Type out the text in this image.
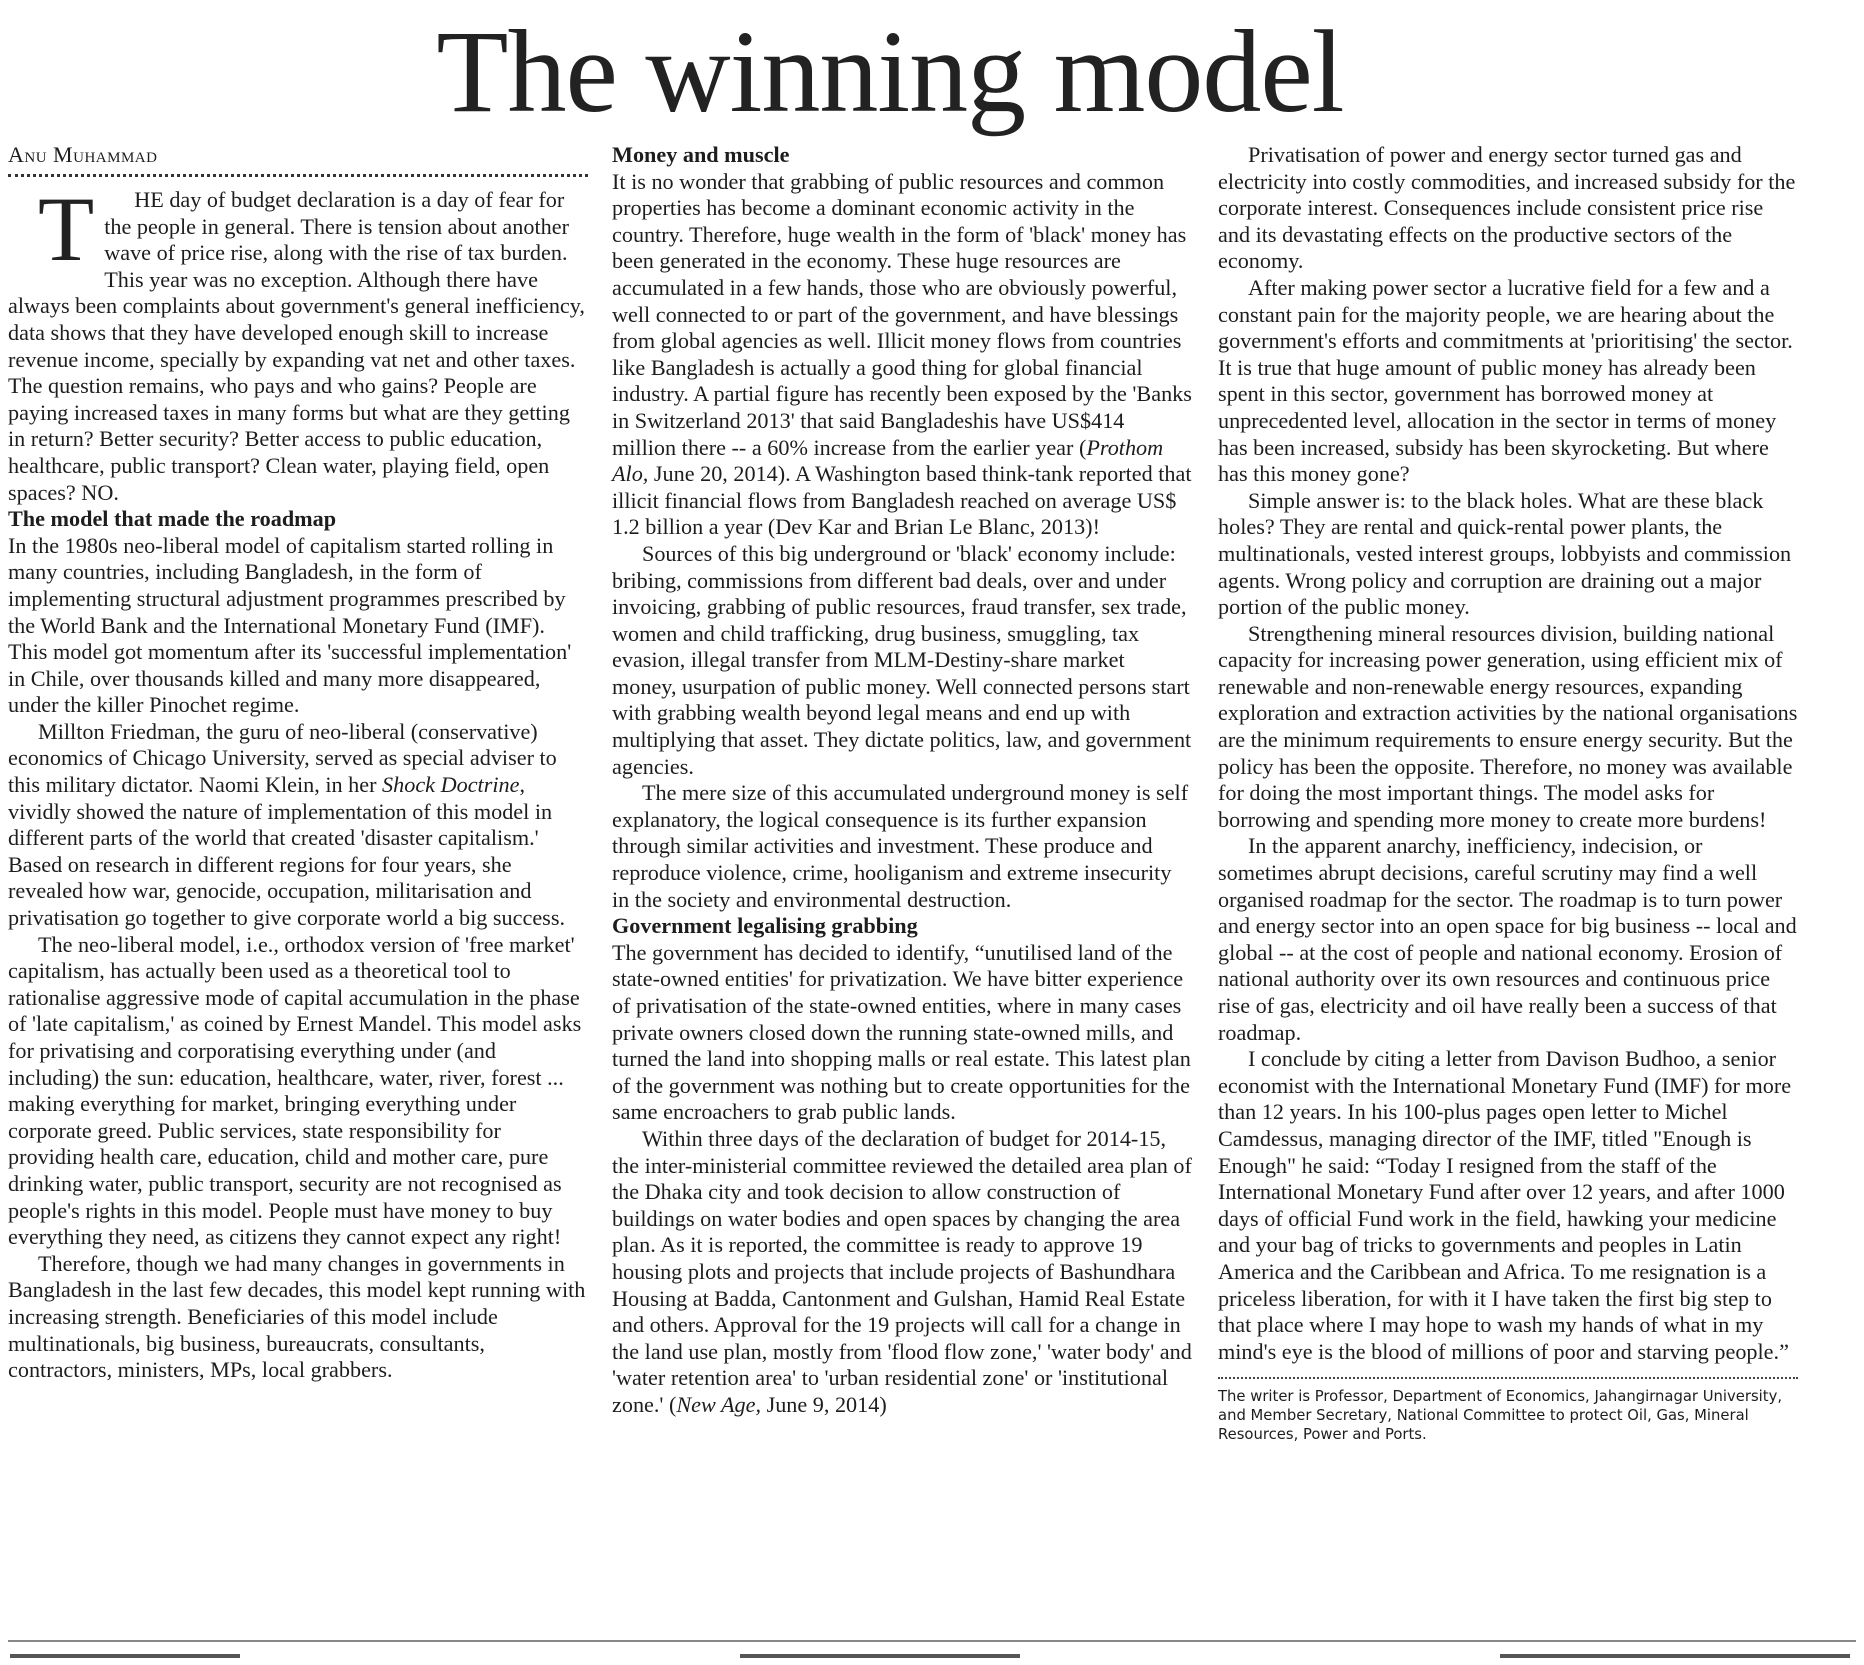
The winning model
Anu Muhammad

T HE day of budget declaration is a day of fear for the people in general. There is tension about another wave of price rise, along with the rise of tax burden. This year was no exception. Although there have always been complaints about government's general inefficiency, data shows that they have developed enough skill to increase revenue income, specially by expanding vat net and other taxes. The question remains, who pays and who gains? People are paying increased taxes in many forms but what are they getting in return? Better security? Better access to public education, healthcare, public transport? Clean water, playing field, open spaces? NO.

The model that made the roadmap

In the 1980s neo-liberal model of capitalism started rolling in many countries, including Bangladesh, in the form of implementing structural adjustment programmes prescribed by the World Bank and the International Monetary Fund (IMF). This model got momentum after its 'successful implementation' in Chile, over thousands killed and many more disappeared, under the killer Pinochet regime.

Millton Friedman, the guru of neo-liberal (conservative) economics of Chicago University, served as special adviser to this military dictator. Naomi Klein, in her Shock Doctrine, vividly showed the nature of implementation of this model in different parts of the world that created 'disaster capitalism.' Based on research in different regions for four years, she revealed how war, genocide, occupation, militarisation and privatisation go together to give corporate world a big success.

The neo-liberal model, i.e., orthodox version of 'free market' capitalism, has actually been used as a theoretical tool to rationalise aggressive mode of capital accumulation in the phase of 'late capitalism,' as coined by Ernest Mandel. This model asks for privatising and corporatising everything under (and including) the sun: education, healthcare, water, river, forest ... making everything for market, bringing everything under corporate greed. Public services, state responsibility for providing health care, education, child and mother care, pure drinking water, public transport, security are not recognised as people's rights in this model. People must have money to buy everything they need, as citizens they cannot expect any right!

Therefore, though we had many changes in governments in Bangladesh in the last few decades, this model kept running with increasing strength. Beneficiaries of this model include multinationals, big business, bureaucrats, consultants, contractors, ministers, MPs, local grabbers.

Money and muscle

It is no wonder that grabbing of public resources and common properties has become a dominant economic activity in the country. Therefore, huge wealth in the form of 'black' money has been generated in the economy. These huge resources are accumulated in a few hands, those who are obviously powerful, well connected to or part of the government, and have blessings from global agencies as well. Illicit money flows from countries like Bangladesh is actually a good thing for global financial industry. A partial figure has recently been exposed by the 'Banks in Switzerland 2013' that said Bangladeshis have US$414 million there -- a 60% increase from the earlier year (Prothom Alo, June 20, 2014). A Washington based think-tank reported that illicit financial flows from Bangladesh reached on average US$ 1.2 billion a year (Dev Kar and Brian Le Blanc, 2013)!

Sources of this big underground or 'black' economy include: bribing, commissions from different bad deals, over and under invoicing, grabbing of public resources, fraud transfer, sex trade, women and child trafficking, drug business, smuggling, tax evasion, illegal transfer from MLM-Destiny-share market money, usurpation of public money. Well connected persons start with grabbing wealth beyond legal means and end up with multiplying that asset. They dictate politics, law, and government agencies.

The mere size of this accumulated underground money is self explanatory, the logical consequence is its further expansion through similar activities and investment. These produce and reproduce violence, crime, hooliganism and extreme insecurity in the society and environmental destruction.

Government legalising grabbing

The government has decided to identify, “unutilised land of the state-owned entities' for privatization. We have bitter experience of privatisation of the state-owned entities, where in many cases private owners closed down the running state-owned mills, and turned the land into shopping malls or real estate. This latest plan of the government was nothing but to create opportunities for the same encroachers to grab public lands.

Within three days of the declaration of budget for 2014-15, the inter-ministerial committee reviewed the detailed area plan of the Dhaka city and took decision to allow construction of buildings on water bodies and open spaces by changing the area plan. As it is reported, the committee is ready to approve 19 housing plots and projects that include projects of Bashundhara Housing at Badda, Cantonment and Gulshan, Hamid Real Estate and others. Approval for the 19 projects will call for a change in the land use plan, mostly from 'flood flow zone,' 'water body' and 'water retention area' to 'urban residential zone' or 'institutional zone.' (New Age, June 9, 2014)

Privatisation of power and energy sector turned gas and electricity into costly commodities, and increased subsidy for the corporate interest. Consequences include consistent price rise and its devastating effects on the productive sectors of the economy.

After making power sector a lucrative field for a few and a constant pain for the majority people, we are hearing about the government's efforts and commitments at 'prioritising' the sector. It is true that huge amount of public money has already been spent in this sector, government has borrowed money at unprecedented level, allocation in the sector in terms of money has been increased, subsidy has been skyrocketing. But where has this money gone?

Simple answer is: to the black holes. What are these black holes? They are rental and quick-rental power plants, the multinationals, vested interest groups, lobbyists and commission agents. Wrong policy and corruption are draining out a major portion of the public money.

Strengthening mineral resources division, building national capacity for increasing power generation, using efficient mix of renewable and non-renewable energy resources, expanding exploration and extraction activities by the national organisations are the minimum requirements to ensure energy security. But the policy has been the opposite. Therefore, no money was available for doing the most important things. The model asks for borrowing and spending more money to create more burdens!

In the apparent anarchy, inefficiency, indecision, or sometimes abrupt decisions, careful scrutiny may find a well organised roadmap for the sector. The roadmap is to turn power and energy sector into an open space for big business -- local and global -- at the cost of people and national economy. Erosion of national authority over its own resources and continuous price rise of gas, electricity and oil have really been a success of that roadmap.

I conclude by citing a letter from Davison Budhoo, a senior economist with the International Monetary Fund (IMF) for more than 12 years. In his 100-plus pages open letter to Michel Camdessus, managing director of the IMF, titled "Enough is Enough" he said: “Today I resigned from the staff of the International Monetary Fund after over 12 years, and after 1000 days of official Fund work in the field, hawking your medicine and your bag of tricks to governments and peoples in Latin America and the Caribbean and Africa. To me resignation is a priceless liberation, for with it I have taken the first big step to that place where I may hope to wash my hands of what in my mind's eye is the blood of millions of poor and starving people.”

The writer is Professor, Department of Economics, Jahangirnagar University, and Member Secretary, National Committee to protect Oil, Gas, Mineral Resources, Power and Ports.
